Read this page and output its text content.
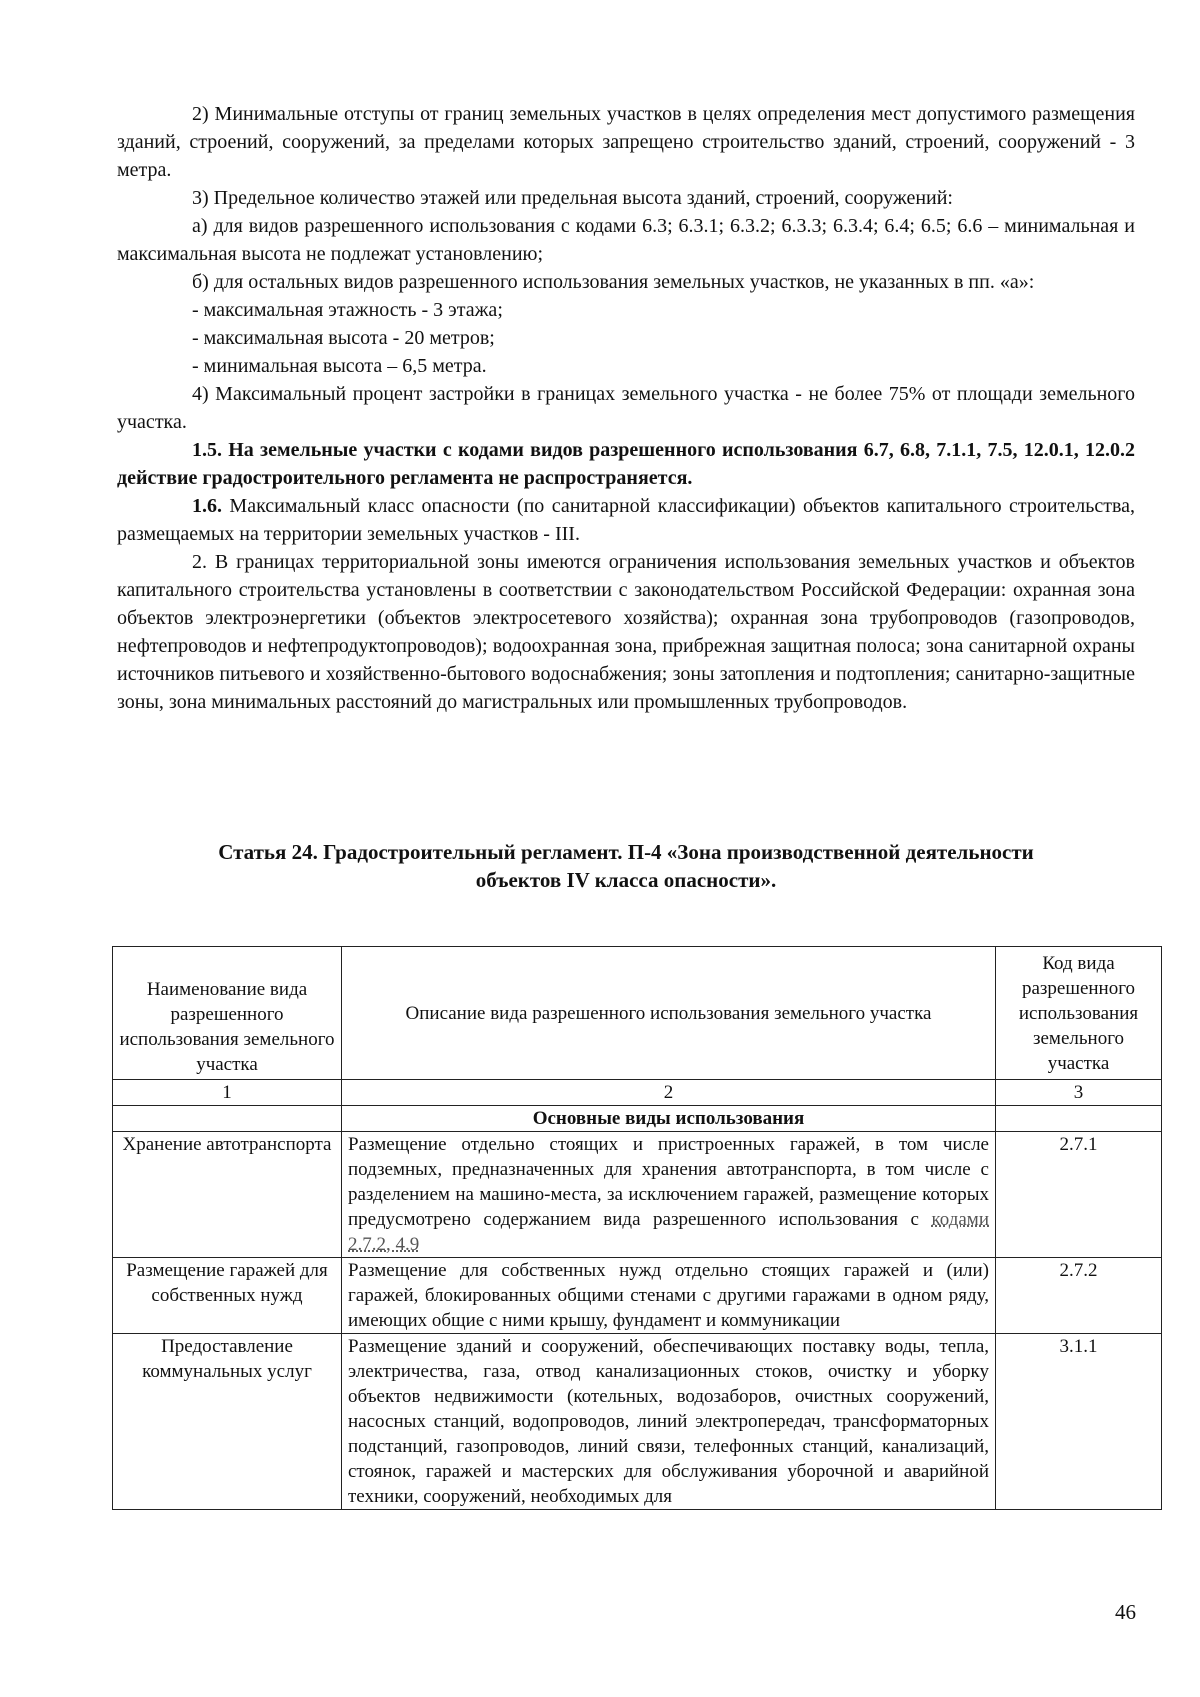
2) Минимальные отступы от границ земельных участков в целях определения мест допустимого размещения зданий, строений, сооружений, за пределами которых запрещено строительство зданий, строений, сооружений - 3 метра.

3) Предельное количество этажей или предельная высота зданий, строений, сооружений:

а) для видов разрешенного использования с кодами 6.3; 6.3.1; 6.3.2; 6.3.3; 6.3.4; 6.4; 6.5; 6.6 – минимальная и максимальная высота не подлежат установлению;

б) для остальных видов разрешенного использования земельных участков, не указанных в пп. «а»:

- максимальная этажность - 3 этажа;

- максимальная высота - 20 метров;

- минимальная высота – 6,5 метра.

4) Максимальный процент застройки в границах земельного участка - не более 75% от площади земельного участка.

1.5. На земельные участки с кодами видов разрешенного использования 6.7, 6.8, 7.1.1, 7.5, 12.0.1, 12.0.2 действие градостроительного регламента не распространяется.

1.6. Максимальный класс опасности (по санитарной классификации) объектов капитального строительства, размещаемых на территории земельных участков - III.

2. В границах территориальной зоны имеются ограничения использования земельных участков и объектов капитального строительства установлены в соответствии с законодательством Российской Федерации: охранная зона объектов электроэнергетики (объектов электросетевого хозяйства); охранная зона трубопроводов (газопроводов, нефтепроводов и нефтепродуктопроводов); водоохранная зона, прибрежная защитная полоса; зона санитарной охраны источников питьевого и хозяйственно-бытового водоснабжения; зоны затопления и подтопления; санитарно-защитные зоны, зона минимальных расстояний до магистральных или промышленных трубопроводов.

Статья 24. Градостроительный регламент. П-4 «Зона производственной деятельности
объектов IV класса опасности».
Наименование вида разрешенного использования земельного участка	Описание вида разрешенного использования земельного участка	Код вида разрешенного использования земельного участка
1	2	3
	Основные виды использования	
Хранение автотранспорта	Размещение отдельно стоящих и пристроенных гаражей, в том числе подземных, предназначенных для хранения автотранспорта, в том числе с разделением на машино-места, за исключением гаражей, размещение которых предусмотрено содержанием вида разрешенного использования с кодами 2.7.2, 4.9	2.7.1
Размещение гаражей для собственных нужд	Размещение для собственных нужд отдельно стоящих гаражей и (или) гаражей, блокированных общими стенами с другими гаражами в одном ряду, имеющих общие с ними крышу, фундамент и коммуникации	2.7.2
Предоставление коммунальных услуг	Размещение зданий и сооружений, обеспечивающих поставку воды, тепла, электричества, газа, отвод канализационных стоков, очистку и уборку объектов недвижимости (котельных, водозаборов, очистных сооружений, насосных станций, водопроводов, линий электропередач, трансформаторных подстанций, газопроводов, линий связи, телефонных станций, канализаций, стоянок, гаражей и мастерских для обслуживания уборочной и аварийной техники, сооружений, необходимых для	3.1.1
46
